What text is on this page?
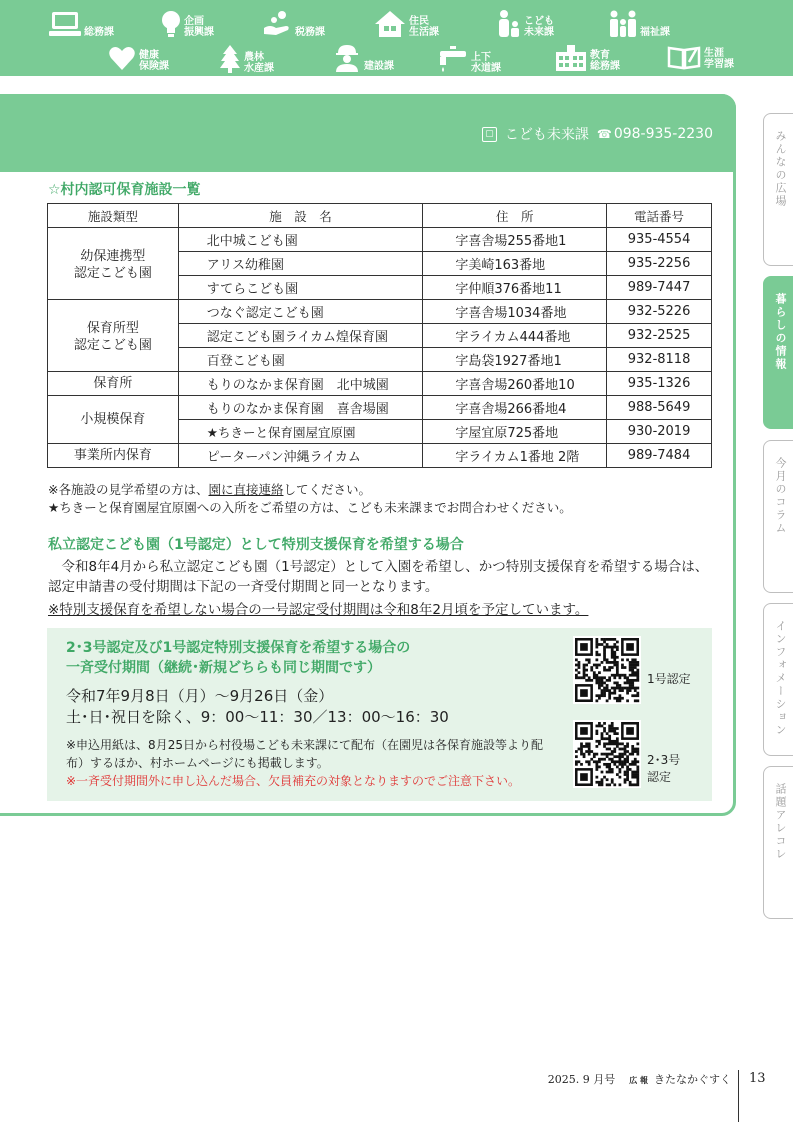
総務課
企画
振興課	税務課
住民
生活課
こども
未来課	福祉課
健康
保険課
農林
水産課	建設課
上下
水道課
教育
総務課
生涯
学習課
▢ こども未来課 ☎ 098-935-2230
☆村内認可保育施設一覧
施設類型	施　設　名	住　所	電話番号
幼保連携型
認定こども園	北中城こども園	字喜舎場255番地1	935-4554
	アリス幼稚園	字美崎163番地	935-2256
	すてらこども園	字仲順376番地11	989-7447
保育所型
認定こども園	つなぐ認定こども園	字喜舎場1034番地	932-5226
	認定こども園ライカム煌保育園	字ライカム444番地	932-2525
	百登こども園	字島袋1927番地1	932-8118
保育所	もりのなかま保育園　北中城園	字喜舎場260番地10	935-1326
小規模保育	もりのなかま保育園　喜舎場園	字喜舎場266番地4	988-5649
	★ちきーと保育園屋宜原園	字屋宜原725番地	930-2019
事業所内保育	ピーターパン沖縄ライカム	字ライカム1番地 2階	989-7484
※各施設の見学希望の方は、園に直接連絡してください。
★ちきーと保育園屋宜原園への入所をご希望の方は、こども未来課までお問合わせください。
私立認定こども園（1号認定）として特別支援保育を希望する場合

令和8年4月から私立認定こども園（1号認定）として入園を希望し、かつ特別支援保育を希望する場合は、認定申請書の受付期間は下記の一斉受付期間と同一となります。

※特別支援保育を希望しない場合の一号認定受付期間は令和8年2月頃を予定しています。
2･3号認定及び1号認定特別支援保育を希望する場合の
一斉受付期間（継続･新規どちらも同じ期間です）
令和7年9月8日（月）～9月26日（金）
土･日･祝日を除く、9：00～11：30／13：00～16：30

※申込用紙は、8月25日から村役場こども未来課にて配布（在園児は各保育施設等より配布）するほか、村ホームページにも掲載します。

※一斉受付期間外に申し込んだ場合、欠員補充の対象となりますのでご注意下さい。
1号認定
2･3号
認定
みんなの広場
暮らしの情報
今月のコラム
インフォメーション
話題アレコレ
2025. 9 月号 広 報 きたなかぐすく 13
